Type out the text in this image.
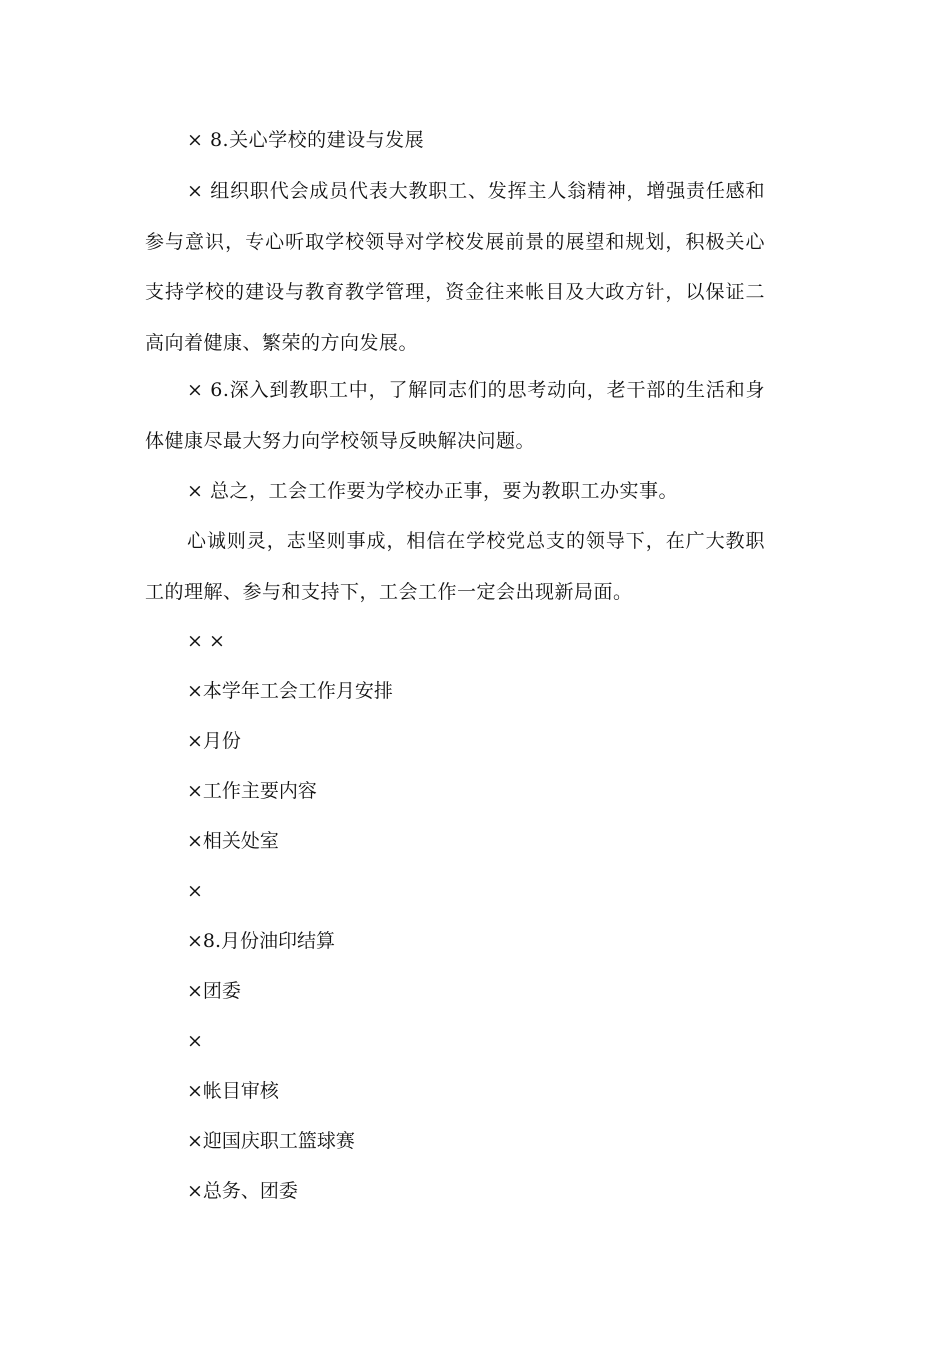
× 8.关心学校的建设与发展

× 组织职代会成员代表大教职工、发挥主人翁精神，增强责任感和参与意识，专心听取学校领导对学校发展前景的展望和规划，积极关心支持学校的建设与教育教学管理，资金往来帐目及大政方针，以保证二高向着健康、繁荣的方向发展。

× 6.深入到教职工中，了解同志们的思考动向，老干部的生活和身体健康尽最大努力向学校领导反映解决问题。

× 总之，工会工作要为学校办正事，要为教职工办实事。

心诚则灵，志坚则事成，相信在学校党总支的领导下，在广大教职工的理解、参与和支持下，工会工作一定会出现新局面。

× ×

×本学年工会工作月安排

×月份

×工作主要内容

×相关处室

×

×8.月份油印结算

×团委

×

×帐目审核

×迎国庆职工篮球赛

×总务、团委
